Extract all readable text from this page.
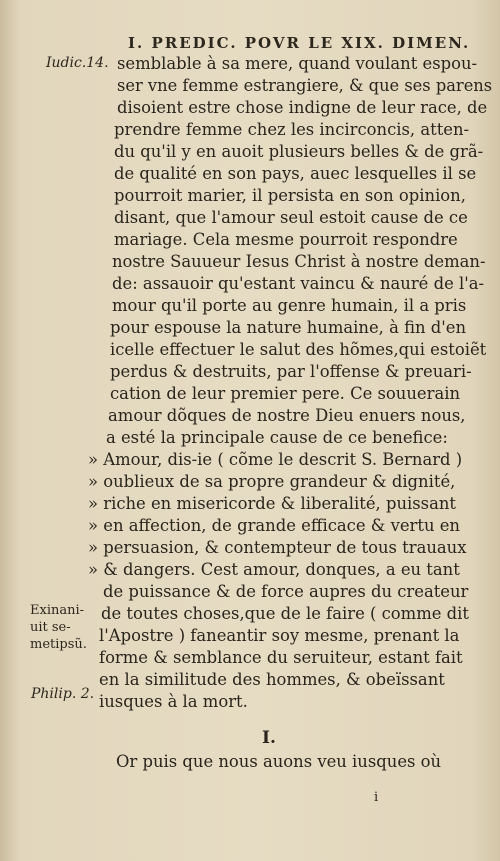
I. PREDIC. POVR LE XIX. DIMEN.
Iudic.14.
Exinani-
uit se-
metipsũ.
Philip. 2.
semblable à sa mere, quand voulant espou-
ser vne femme estrangiere, & que ses parens
disoient estre chose indigne de leur race, de
prendre femme chez les incirconcis, atten-
du qu'il y en auoit plusieurs belles & de grã-
de qualité en son pays, auec lesquelles il se
pourroit marier, il persista en son opinion,
disant, que l'amour seul estoit cause de ce
mariage. Cela mesme pourroit respondre
nostre Sauueur Iesus Christ à nostre deman-
de: assauoir qu'estant vaincu & nauré de l'a-
mour qu'il porte au genre humain, il a pris
pour espouse la nature humaine, à fin d'en
icelle effectuer le salut des hõmes,qui estoiẽt
perdus & destruits, par l'offense & preuari-
cation de leur premier pere. Ce souuerain
amour dõques de nostre Dieu enuers nous,
a esté la principale cause de ce benefice:
» Amour, dis-ie ( cõme le descrit S. Bernard )
» oublieux de sa propre grandeur & dignité,
» riche en misericorde & liberalité, puissant
» en affection, de grande efficace & vertu en
» persuasion, & contempteur de tous trauaux
» & dangers. Cest amour, donques, a eu tant
de puissance & de force aupres du createur
de toutes choses,que de le faire ( comme dit
l'Apostre ) faneantir soy mesme, prenant la
forme & semblance du seruiteur, estant fait
en la similitude des hommes, & obeïssant
iusques à la mort.
I.
Or puis que nous auons veu iusques où
i
